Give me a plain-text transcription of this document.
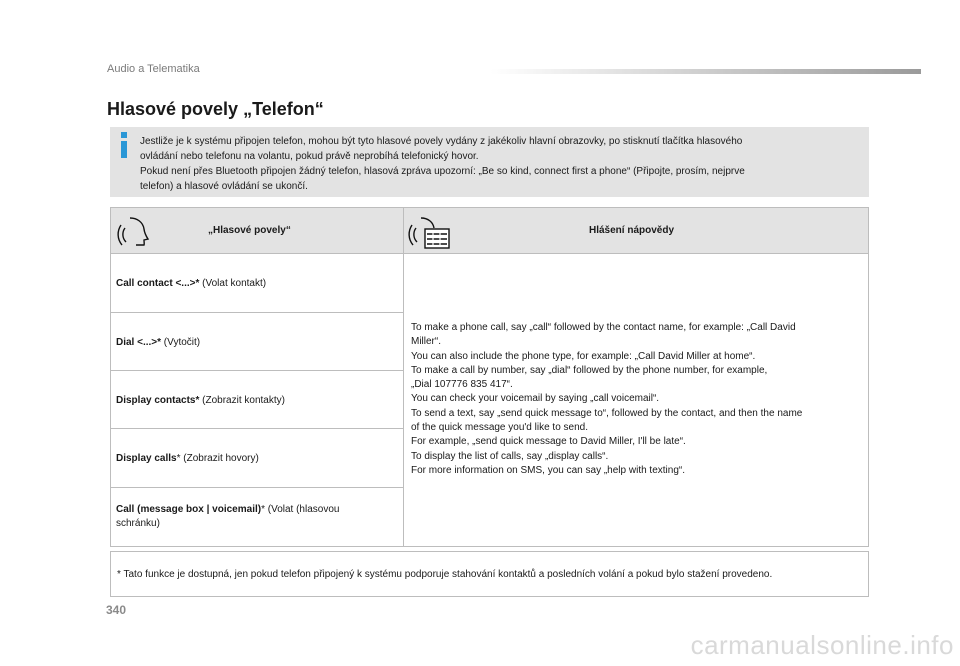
Audio a Telematika
Hlasové povely „Telefon“

Jestliže je k systému připojen telefon, mohou být tyto hlasové povely vydány z jakékoliv hlavní obrazovky, po stisknutí tlačítka hlasového

ovládání nebo telefonu na volantu, pokud právě neprobíhá telefonický hovor.

Pokud není přes Bluetooth připojen žádný telefon, hlasová zpráva upozorní: „Be so kind, connect first a phone“ (Připojte, prosím, nejprve

telefon) a hlasové ovládání se ukončí.

„Hlasové povely“	Hlášení nápovědy
Call contact <...>* (Volat kontakt)
Dial <...>* (Vytočit)
Display contacts* (Zobrazit kontakty)
Display calls* (Zobrazit hovory)
Call (message box | voicemail)* (Volat (hlasovou schránku)

To make a phone call, say „call“ followed by the contact name, for example: „Call David

Miller“.

You can also include the phone type, for example: „Call David Miller at home“.

To make a call by number, say „dial“ followed by the phone number, for example,

„Dial 107776 835 417“.

You can check your voicemail by saying „call voicemail“.

To send a text, say „send quick message to“, followed by the contact, and then the name

of the quick message you'd like to send.

For example, „send quick message to David Miller, I'll be late“.

To display the list of calls, say „display calls“.

For more information on SMS, you can say „help with texting“.

* Tato funkce je dostupná, jen pokud telefon připojený k systému podporuje stahování kontaktů a posledních volání a pokud bylo stažení provedeno.
340
carmanualsonline.info
